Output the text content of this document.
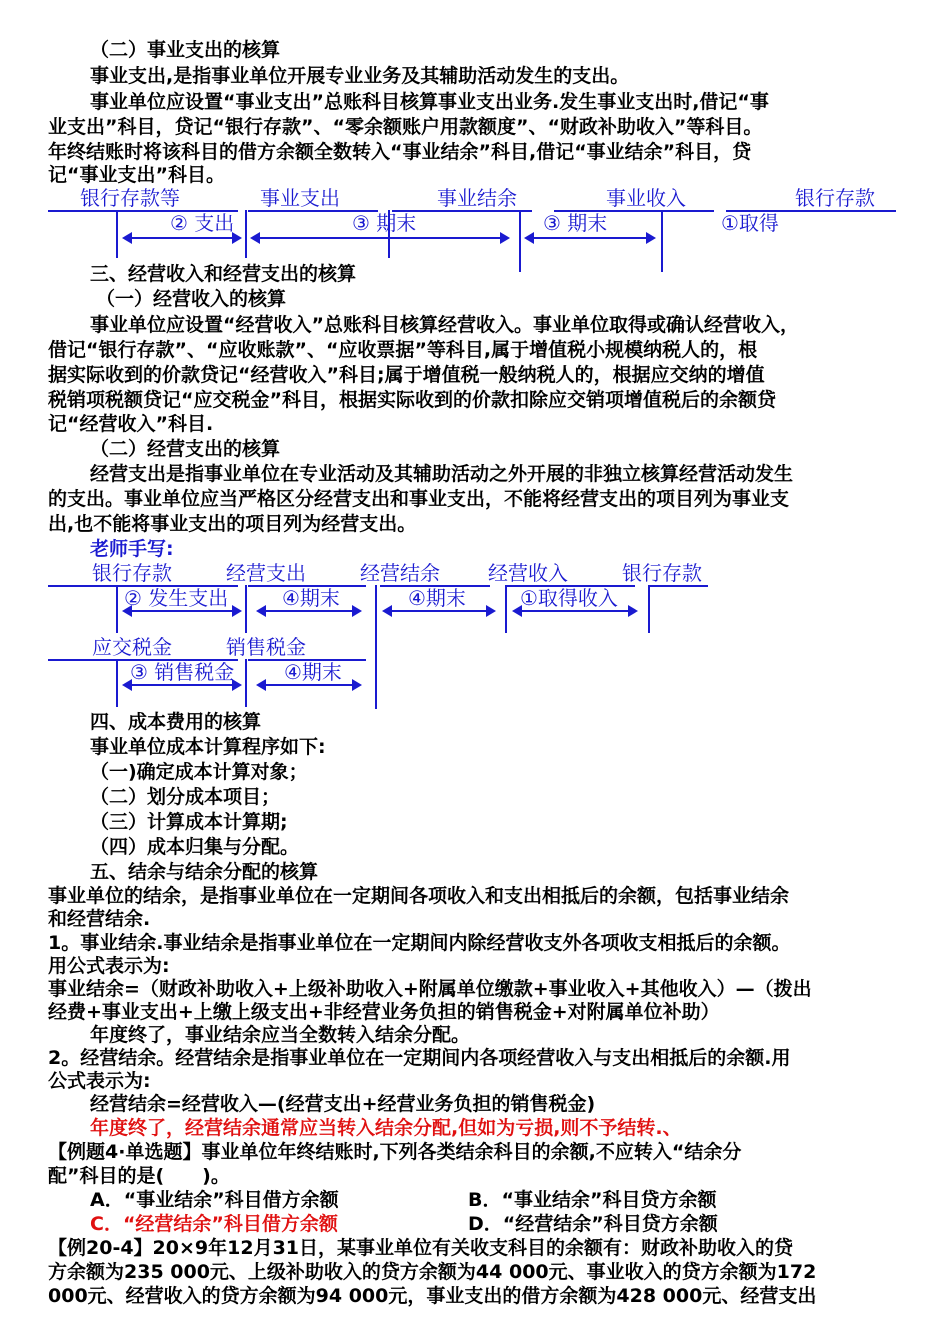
（二）事业支出的核算
事业支出,是指事业单位开展专业业务及其辅助活动发生的支出。
事业单位应设置“事业支出”总账科目核算事业支出业务.发生事业支出时,借记“事
业支出”科目，贷记“银行存款”、“零余额账户用款额度”、“财政补助收入”等科目。
年终结账时将该科目的借方余额全数转入“事业结余”科目,借记“事业结余”科目，贷
记“事业支出”科目。
银行存款等	事业支出	事业结余	事业收入	银行存款
② 支出	③ 期末	③ 期末	①取得
三、经营收入和经营支出的核算
（一）经营收入的核算
事业单位应设置“经营收入”总账科目核算经营收入。事业单位取得或确认经营收入，
借记“银行存款”、“应收账款”、“应收票据”等科目,属于增值税小规模纳税人的，根
据实际收到的价款贷记“经营收入”科目;属于增值税一般纳税人的，根据应交纳的增值
税销项税额贷记“应交税金”科目，根据实际收到的价款扣除应交销项增值税后的余额贷
记“经营收入”科目.
（二）经营支出的核算
经营支出是指事业单位在专业活动及其辅助活动之外开展的非独立核算经营活动发生
的支出。事业单位应当严格区分经营支出和事业支出，不能将经营支出的项目列为事业支
出,也不能将事业支出的项目列为经营支出。
老师手写:
银行存款	经营支出	经营结余 经营收入	银行存款
② 发生支出	④期末	④期末	①取得收入
应交税金	销售税金
③ 销售税金 ④期末
四、成本费用的核算
事业单位成本计算程序如下:
（一)确定成本计算对象；
（二）划分成本项目；
（三）计算成本计算期;
（四）成本归集与分配。
五、结余与结余分配的核算
事业单位的结余，是指事业单位在一定期间各项收入和支出相抵后的余额，包括事业结余
和经营结余.
1。事业结余.事业结余是指事业单位在一定期间内除经营收支外各项收支相抵后的余额。
用公式表示为:
事业结余=（财政补助收入+上级补助收入+附属单位缴款+事业收入+其他收入）—（拨出
经费+事业支出+上缴上级支出+非经营业务负担的销售税金+对附属单位补助）
年度终了，事业结余应当全数转入结余分配。
2。经营结余。经营结余是指事业单位在一定期间内各项经营收入与支出相抵后的余额.用
公式表示为:
经营结余=经营收入—(经营支出+经营业务负担的销售税金)
年度终了，经营结余通常应当转入结余分配,但如为亏损,则不予结转.、
【例题4·单选题】事业单位年终结账时,下列各类结余科目的余额,不应转入“结余分
配”科目的是(　　)。
A．“事业结余”科目借方余额	B．“事业结余”科目贷方余额
C．“经营结余”科目借方余额	D．“经营结余”科目贷方余额
【例20-4】20×9年12月31日，某事业单位有关收支科目的余额有：财政补助收入的贷
方余额为235 000元、上级补助收入的贷方余额为44 000元、事业收入的贷方余额为172
000元、经营收入的贷方余额为94 000元，事业支出的借方余额为428 000元、经营支出
